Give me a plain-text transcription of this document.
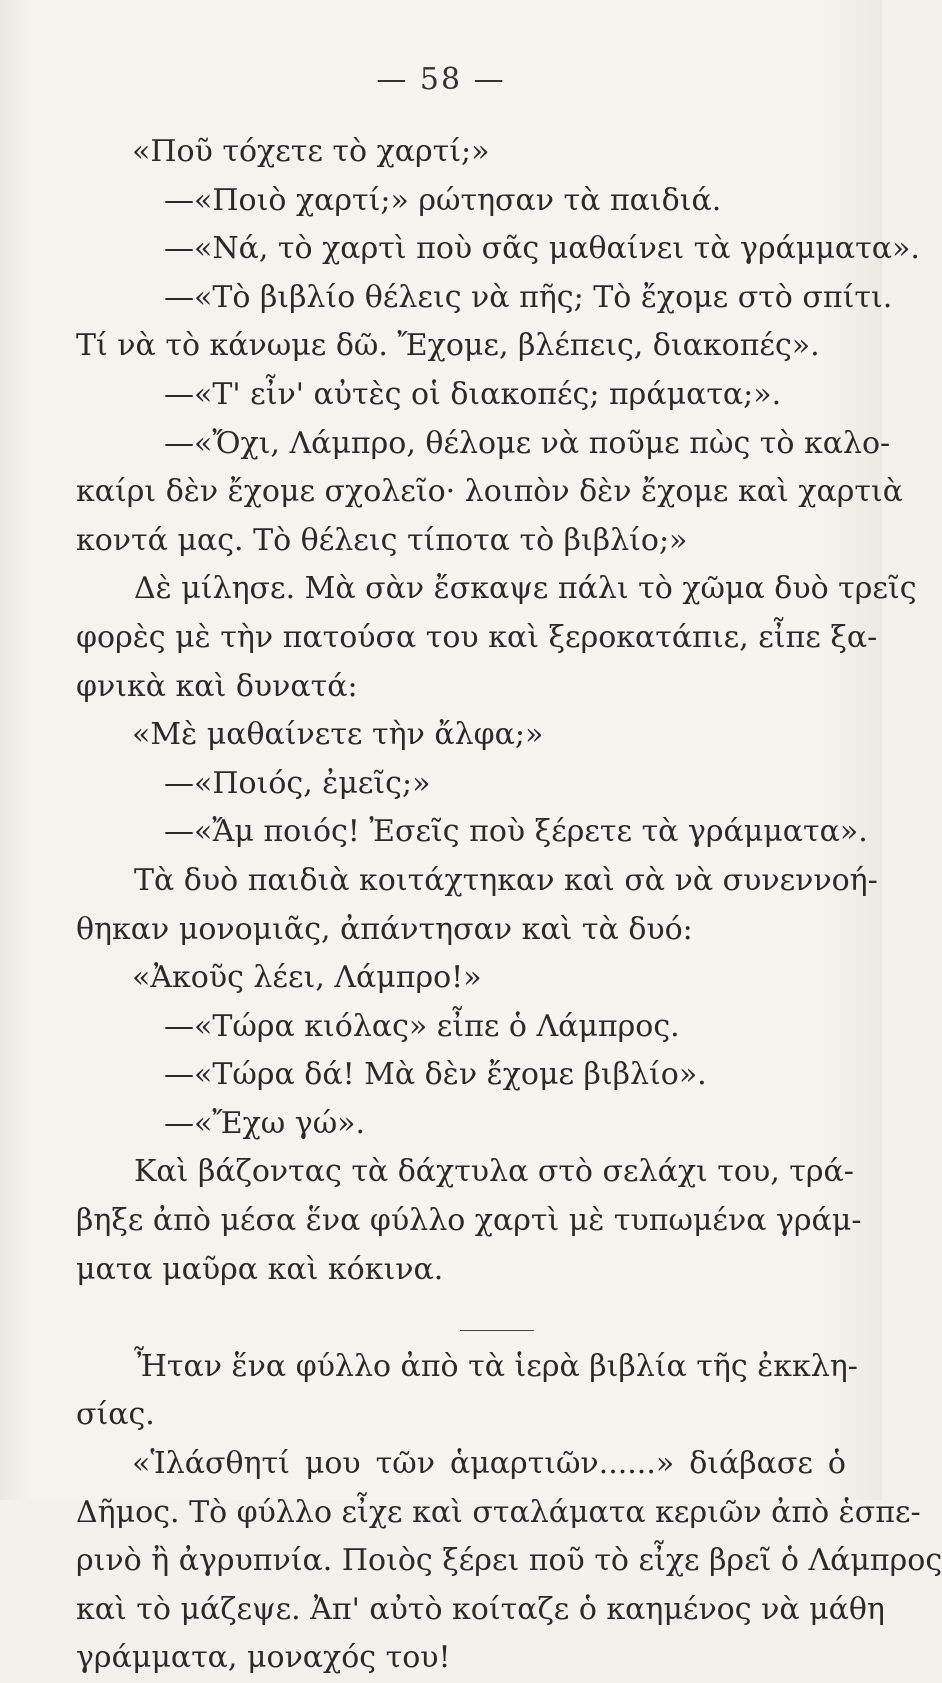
— 58 —
«Ποῦ τόχετε τὸ χαρτί;»
—«Ποιὸ χαρτί;» ρώτησαν τὰ παιδιά.
—«Νά, τὸ χαρτὶ ποὺ σᾶς μαθαίνει τὰ γράμματα».
—«Τὸ βιβλίο θέλεις νὰ πῆς; Τὸ ἔχομε στὸ σπίτι.
Τί νὰ τὸ κάνωμε δῶ. Ἔχομε, βλέπεις, διακοπές».
—«Τ' εἶν' αὐτὲς οἱ διακοπές; πράματα;».
—«Ὄχι, Λάμπρο, θέλομε νὰ ποῦμε πὼς τὸ καλο-
καίρι δὲν ἔχομε σχολεῖο· λοιπὸν δὲν ἔχομε καὶ χαρτιὰ
κοντά μας. Τὸ θέλεις τίποτα τὸ βιβλίο;»
Δὲ μίλησε. Μὰ σὰν ἔσκαψε πάλι τὸ χῶμα δυὸ τρεῖς
φορὲς μὲ τὴν πατούσα του καὶ ξεροκατάπιε, εἶπε ξα-
φνικὰ καὶ δυνατά:
«Μὲ μαθαίνετε τὴν ἄλφα;»
—«Ποιός, ἐμεῖς;»
—«Ἄμ ποιός! Ἐσεῖς ποὺ ξέρετε τὰ γράμματα».
Τὰ δυὸ παιδιὰ κοιτάχτηκαν καὶ σὰ νὰ συνεννοή-
θηκαν μονομιᾶς, ἀπάντησαν καὶ τὰ δυό:
«Ἀκοῦς λέει, Λάμπρο!»
—«Τώρα κιόλας» εἶπε ὁ Λάμπρος.
—«Τώρα δά! Μὰ δὲν ἔχομε βιβλίο».
—«Ἔχω γώ».
Καὶ βάζοντας τὰ δάχτυλα στὸ σελάχι του, τρά-
βηξε ἀπὸ μέσα ἕνα φύλλο χαρτὶ μὲ τυπωμένα γράμ-
ματα μαῦρα καὶ κόκινα.
Ἦταν ἕνα φύλλο ἀπὸ τὰ ἱερὰ βιβλία τῆς ἐκκλη-
σίας.
«Ἱλάσθητί μου τῶν ἁμαρτιῶν......» διάβασε ὁ
Δῆμος. Τὸ φύλλο εἶχε καὶ σταλάματα κεριῶν ἀπὸ ἑσπε-
ρινὸ ἢ ἀγρυπνία. Ποιὸς ξέρει ποῦ τὸ εἶχε βρεῖ ὁ Λάμπρος
καὶ τὸ μάζεψε. Ἀπ' αὐτὸ κοίταζε ὁ καημένος νὰ μάθη
γράμματα, μοναχός του!
